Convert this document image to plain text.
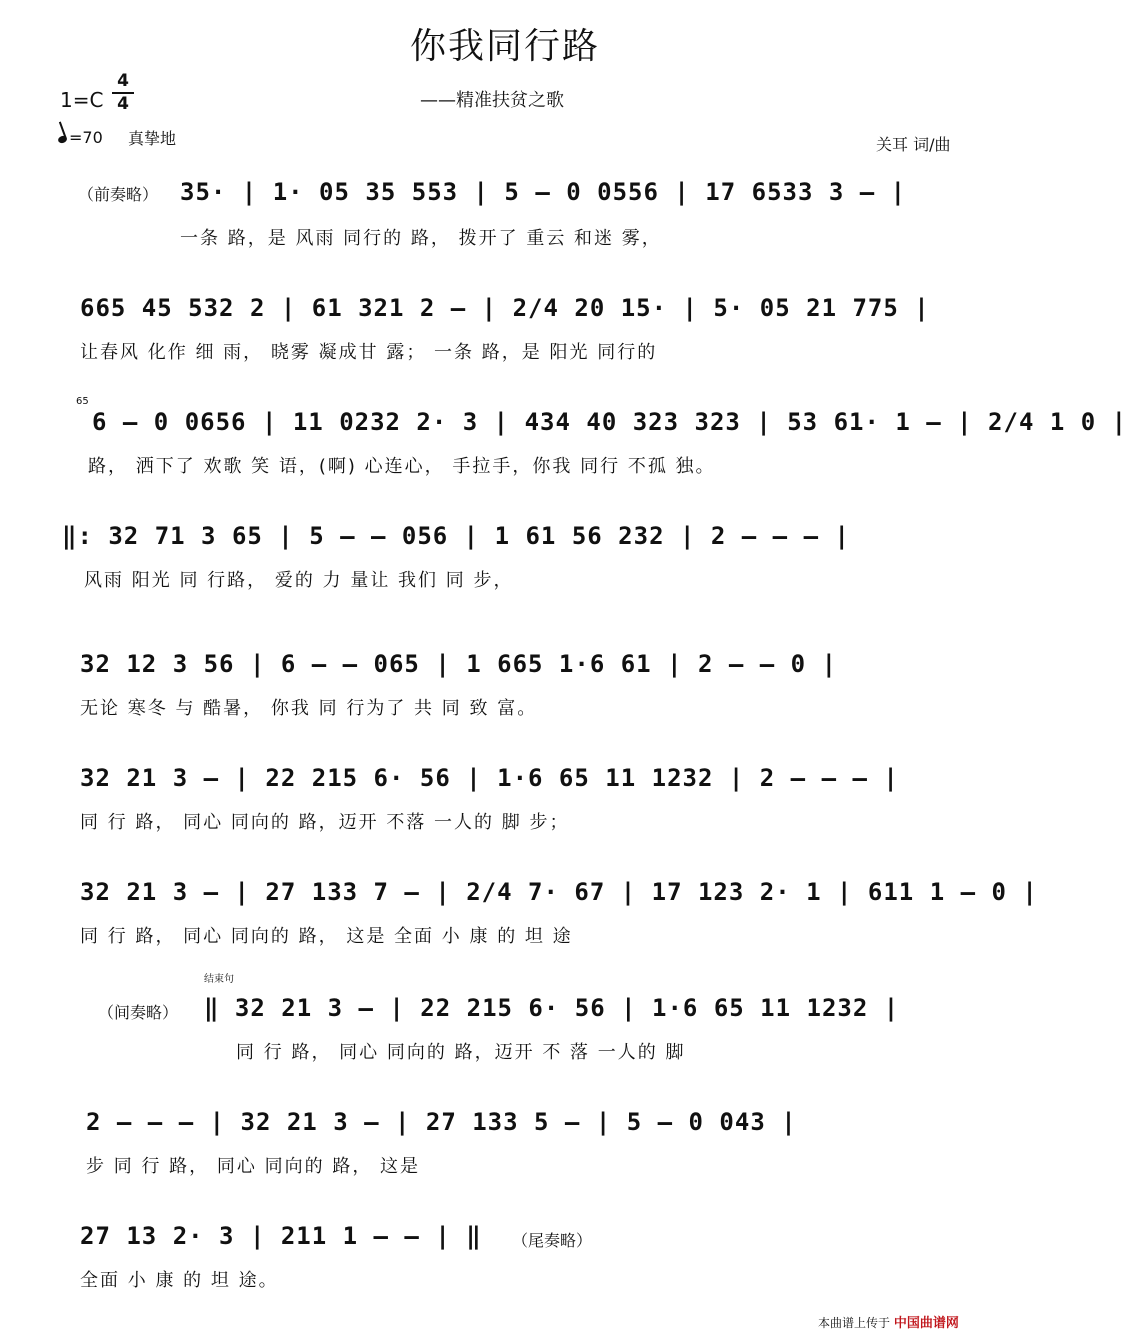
你我同行路
——精准扶贫之歌
1=C
4
4
=70 真挚地	关耳 词/曲
（前奏略） 35· | 1· 05 35 553 | 5 – 0 0556 | 17 6533 3 – |
一条 路，是 风雨 同行的 路， 拨开了 重云 和迷 雾，
665 45 532 2 | 61 321 2 – | 2/4 20 15· | 5· 05 21 775 |
让春风 化作 细 雨， 晓雾 凝成甘 露； 一条 路，是 阳光 同行的
65
6 – 0 0656 | 11 0232 2· 3 | 434 40 323 323 | 53 61· 1 – | 2/4 1 0 |
路， 洒下了 欢歌 笑 语，(啊) 心连心， 手拉手，你我 同行 不孤 独。
‖: 32 71 3 65 | 5 – – 056 | 1 61 56 232 | 2 – – – |
风雨 阳光 同 行路， 爱的 力 量让 我们 同 步，
32 12 3 56 | 6 – – 065 | 1 665 1·6 61 | 2 – – 0 |
无论 寒冬 与 酷暑， 你我 同 行为了 共 同 致 富。
32 21 3 – | 22 215 6· 56 | 1·6 65 11 1232 | 2 – – – |
同 行 路， 同心 同向的 路，迈开 不落 一人的 脚 步；
32 21 3 – | 27 133 7 – | 2/4 7· 67 | 17 123 2· 1 | 611 1 – 0 |
同 行 路， 同心 同向的 路， 这是 全面 小 康 的 坦 途
结束句
（间奏略） ‖ 32 21 3 – | 22 215 6· 56 | 1·6 65 11 1232 |
同 行 路， 同心 同向的 路，迈开 不 落 一人的 脚
2 – – – | 32 21 3 – | 27 133 5 – | 5 – 0 043 |
步 同 行 路， 同心 同向的 路， 这是
27 13 2· 3 | 211 1 – – | ‖ （尾奏略）
全面 小 康 的 坦 途。
本曲谱上传于 中国曲谱网
